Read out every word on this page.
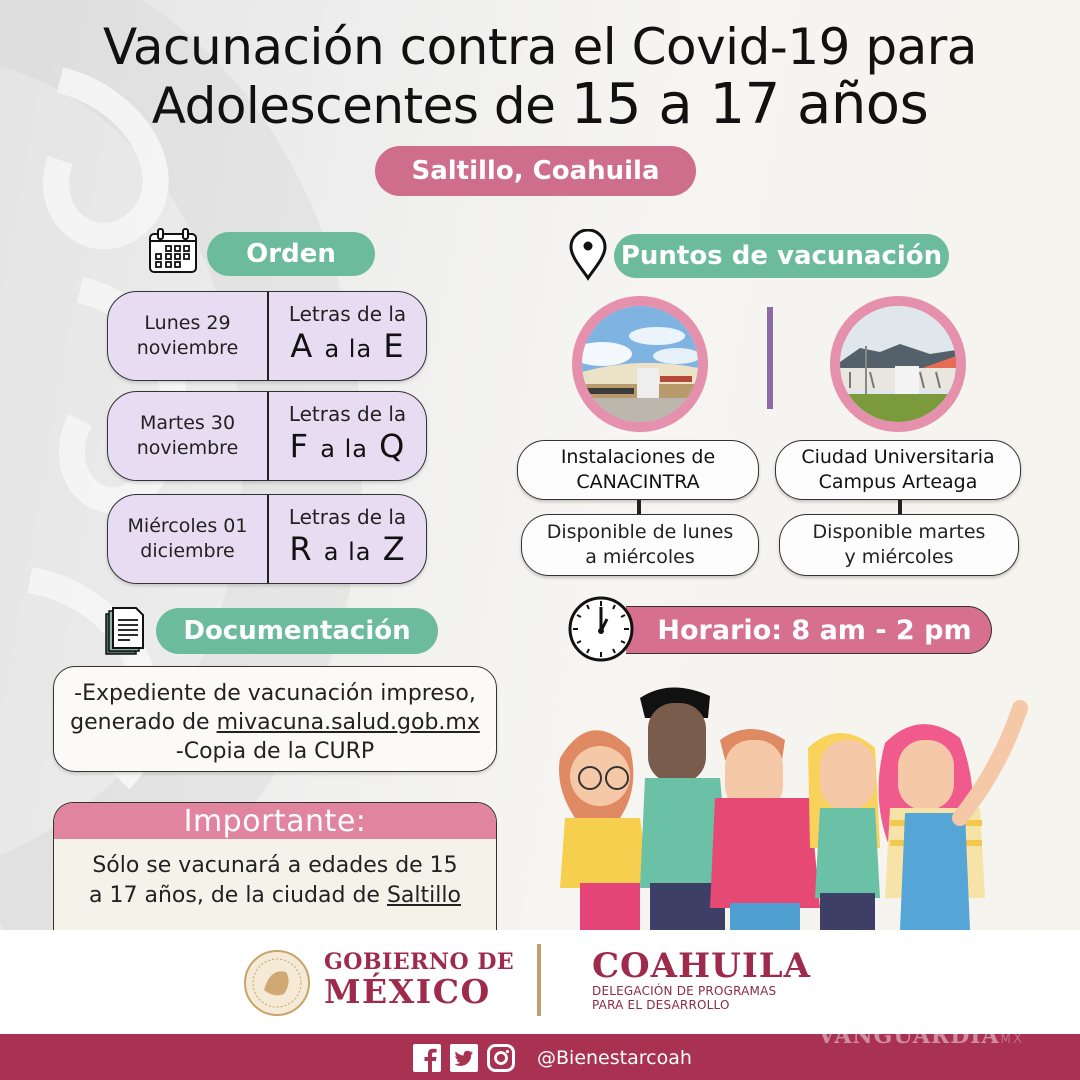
Vacunación contra el Covid-19 para
Adolescentes de 15 a 17 años
Saltillo, Coahuila
Orden
Lunes 29
noviembre
Letras de la
A a la E
Martes 30
noviembre
Letras de la
F a la Q
Miércoles 01
diciembre
Letras de la
R a la Z
Documentación
-Expediente de vacunación impreso,
generado de mivacuna.salud.gob.mx
-Copia de la CURP
Importante:
Sólo se vacunará a edades de 15
a 17 años, de la ciudad de Saltillo
Puntos de vacunación
Instalaciones de
CANACINTRA
Disponible de lunes
a miércoles
Ciudad Universitaria
Campus Arteaga
Disponible martes
y miércoles
Horario: 8 am - 2 pm
GOBIERNO DE
MÉXICO
COAHUILA
DELEGACIÓN DE PROGRAMAS
PARA EL DESARROLLO
@Bienestarcoah
VANGUARDIAMX
